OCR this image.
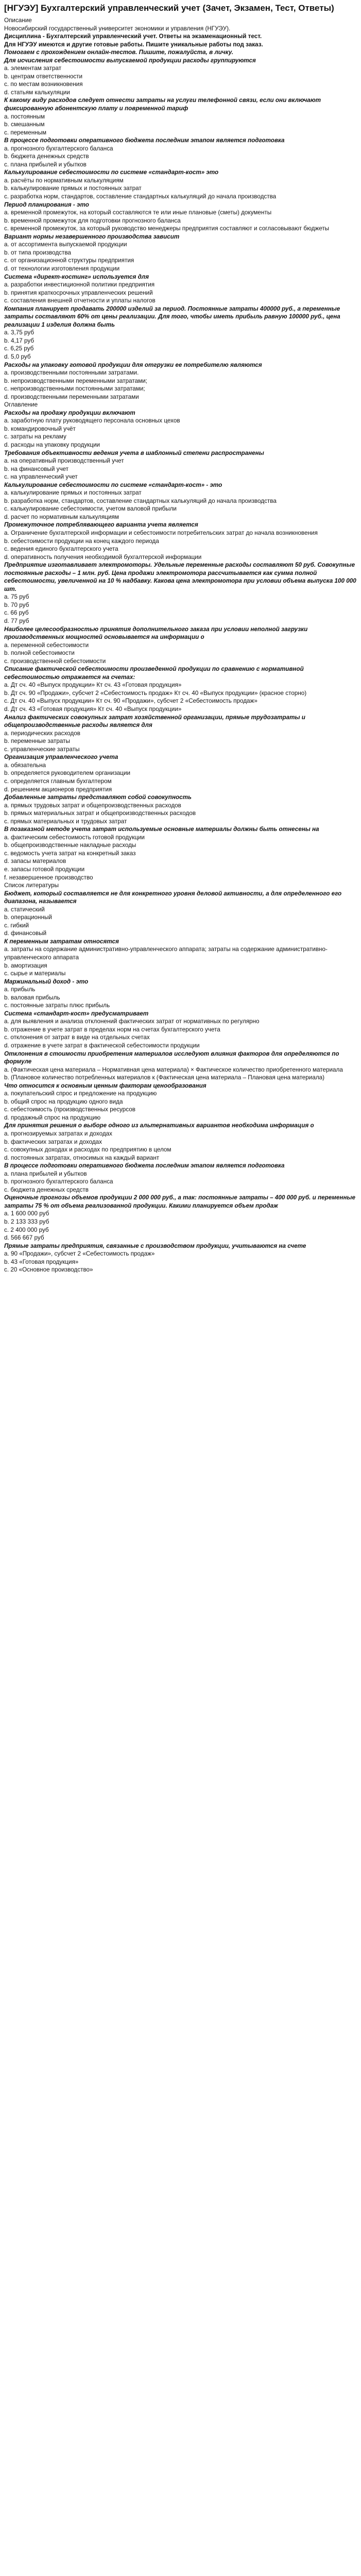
[НГУЭУ] Бухгалтерский управленческий учет (Зачет, Экзамен, Тест, Ответы)

Описание

Новосибирский государственный университет экономики и управления (НГУЭУ).

Дисциплина - Бухгалтерский управленческий учет. Ответы на экзаменационный тест.

Для НГУЭУ имеются и другие готовые работы. Пишите уникальные работы под заказ.

Помогаем с прохождением онлайн-тестов. Пишите, пожалуйста, в личку.

Для исчисления себестоимости выпускаемой продукции расходы группируются

a. элементам затрат

b. центрам ответственности

c. по местам возникновения

d. статьям калькуляции

К какому виду расходов следует отнести затраты на услуги телефонной связи, если они включают фиксированную абонентскую плату и повременной тариф

a. постоянным

b. смешанным

c. переменным

В процессе подготовки оперативного бюджета последним этапом является подготовка

a. прогнозного бухгалтерского баланса

b. бюджета денежных средств

c. плана прибылей и убытков

Калькулирование себестоимости по системе «стандарт-кост» это

a. расчёты по нормативным калькуляциям

b. калькулирование прямых и постоянных затрат

c. разработка норм, стандартов, составление стандартных калькуляций до начала производства

Период планирования - это

a. временной промежуток, на который составляются те или иные плановые (сметы) документы

b. временной промежуток для подготовки прогнозного баланса

c. временной промежуток, за который руководство менеджеры предприятия составляют и согласовывают бюджеты

Вариант нормы незавершенного производства зависит

a. от ассортимента выпускаемой продукции

b. от типа производства

c. от организационной структуры предприятия

d. от технологии изготовления продукции

Система «директ-костинг» используется для

a. разработки инвестиционной политики предприятия

b. принятия краткосрочных управленческих решений

c. составления внешней отчетности и уплаты налогов

Компания планирует продавать 200000 изделий за период. Постоянные затраты 400000 руб., а переменные затраты составляют 60% от цены реализации. Для того, чтобы иметь прибыль равную 100000 руб., цена реализации 1 изделия должна быть

a. 3,75 руб

b. 4,17 руб

c. 6,25 руб

d. 5,0 руб

Расходы на упаковку готовой продукции для отгрузки ее потребителю являются

a. производственными постоянными затратами.

b. непроизводственными переменными затратами;

c. непроизводственными постоянными затратами;

d. производственными переменными затратами

Оглавление

Расходы на продажу продукции включают

a. заработную плату руководящего персонала основных цехов

b. командировочный учёт

c. затраты на рекламу

d. расходы на упаковку продукции

Требования объективности ведения учета в шаблонный степени распространены

a. на оперативный производственный учет

b. на финансовый учет

c. на управленческий учет

Калькулирование себестоимости по системе «стандарт-кост» - это

a. калькулирование прямых и постоянных затрат

b. разработка норм, стандартов, составление стандартных калькуляций до начала производства

c. калькулирование себестоимости, учетом валовой прибыли

d. расчет по нормативным калькуляциям

Промежуточное потреблявающего варианта учета является

a. Ограничение бухгалтерской информации и себестоимости потребительских затрат до начала возникновения

b. себестоимости продукции на конец каждого периода

c. ведения единого бухгалтерского учета

d. оперативность получения необходимой бухгалтерской информации

Предприятие изготавливает электромоторы. Удельные переменные расходы составляют 50 руб. Совокупные постоянные расходы – 1 млн. руб. Цена продажи электромотора рассчитывается как сумма полной себестоимости, увеличенной на 10 % надбавку. Какова цена электромотора при условии объема выпуска 100 000 шт.

a. 75 руб

b. 70 руб

c. 66 руб

d. 77 руб

Наиболее целесообразностью принятия дополнительного заказа при условии неполной загрузки производственных мощностей основывается на информации о

a. переменной себестоимости

b. полной себестоимости

c. производственной себестоимости

Списание фактической себестоимости произведенной продукции по сравнению с нормативной себестоимостью отражается на счетах:

a. Дт сч. 40 «Выпуск продукции» Кт сч. 43 «Готовая продукция»

b. Дт сч. 90 «Продажи», субсчет 2 «Себестоимость продаж» Кт сч. 40 «Выпуск продукции» (красное сторно)

c. Дт сч. 40 «Выпуск продукции» Кт сч. 90 «Продажи», субсчет 2 «Себестоимость продаж»

d. Дт сч. 43 «Готовая продукция» Кт сч. 40 «Выпуск продукции»

Анализ фактических совокупных затрат хозяйственной организации, прямые трудозатраты и общепроизводственные расходы является для

a. периодических расходов

b. переменные затраты

c. управленческие затраты

Организация управленческого учета

a. обязательна

b. определяется руководителем организации

c. определяется главным бухгалтером

d. решением акционеров предприятия

Добавленные затраты представляют собой совокупность

a. прямых трудовых затрат и общепроизводственных расходов

b. прямых материальных затрат и общепроизводственных расходов

c. прямых материальных и трудовых затрат

В позаказной методе учета затрат используемые основные материалы должны быть отнесены на

a. фактическим себестоимость готовой продукции

b. общепроизводственные накладные расходы

c. ведомость учета затрат на конкретный заказ

d. запасы материалов

e. запасы готовой продукции

f. незавершенное производство

Список литературы

Бюджет, который составляется не для конкретного уровня деловой активности, а для определенного его диапазона, называется

a. статический

b. операционный

c. гибкий

d. финансовый

К переменным затратам относятся

a. затраты на содержание административно-управленческого аппарата; затраты на содержание административно-управленческого аппарата

b. амортизация

c. сырье и материалы

Маржинальный доход - это

a. прибыль

b. валовая прибыль

c. постоянные затраты плюс прибыль

Система «стандарт-кост» предусматривает

a. для выявления и анализа отклонений фактических затрат от нормативных по регулярно

b. отражение в учете затрат в пределах норм на счетах бухгалтерского учета

c. отклонения от затрат в виде на отдельных счетах

d. отражение в учете затрат в фактической себестоимости продукции

Отклонения в стоимости приобретения материалов исследуют влияния факторов для определяются по формуле

a. (Фактическая цена материала – Нормативная цена материала) × Фактическое количество приобретенного материала

b. (Плановое количество потребленных материалов к (Фактическая цена материала – Плановая цена материала)

Что относится к основным ценным факторам ценообразования

a. покупательский спрос и предложение на продукцию

b. общий спрос на продукцию одного вида

c. себестоимость (производственных ресурсов

d. продажный спрос на продукцию

Для принятия решения о выборе одного из альтернативных вариантов необходима информация о

a. прогнозируемых затратах и доходах

b. фактических затратах и доходах

c. совокупных доходах и расходах по предприятию в целом

d. постоянных затратах, относимых на каждый вариант

В процессе подготовки оперативного бюджета последним этапом является подготовка

a. плана прибылей и убытков

b. прогнозного бухгалтерского баланса

c. бюджета денежных средств

Оценочные прогнозы объемов продукции 2 000 000 руб., а так: постоянные затраты – 400 000 руб. и переменные затраты 75 % от объема реализованной продукции. Какими планируется объем продаж

a. 1 600 000 руб

b. 2 133 333 руб

c. 2 400 000 руб

d. 566 667 руб

Прямые затраты предприятия, связанные с производством продукции, учитываются на счете

a. 90 «Продажи», субсчет 2 «Себестоимость продаж»

b. 43 «Готовая продукция»

c. 20 «Основное производство»
